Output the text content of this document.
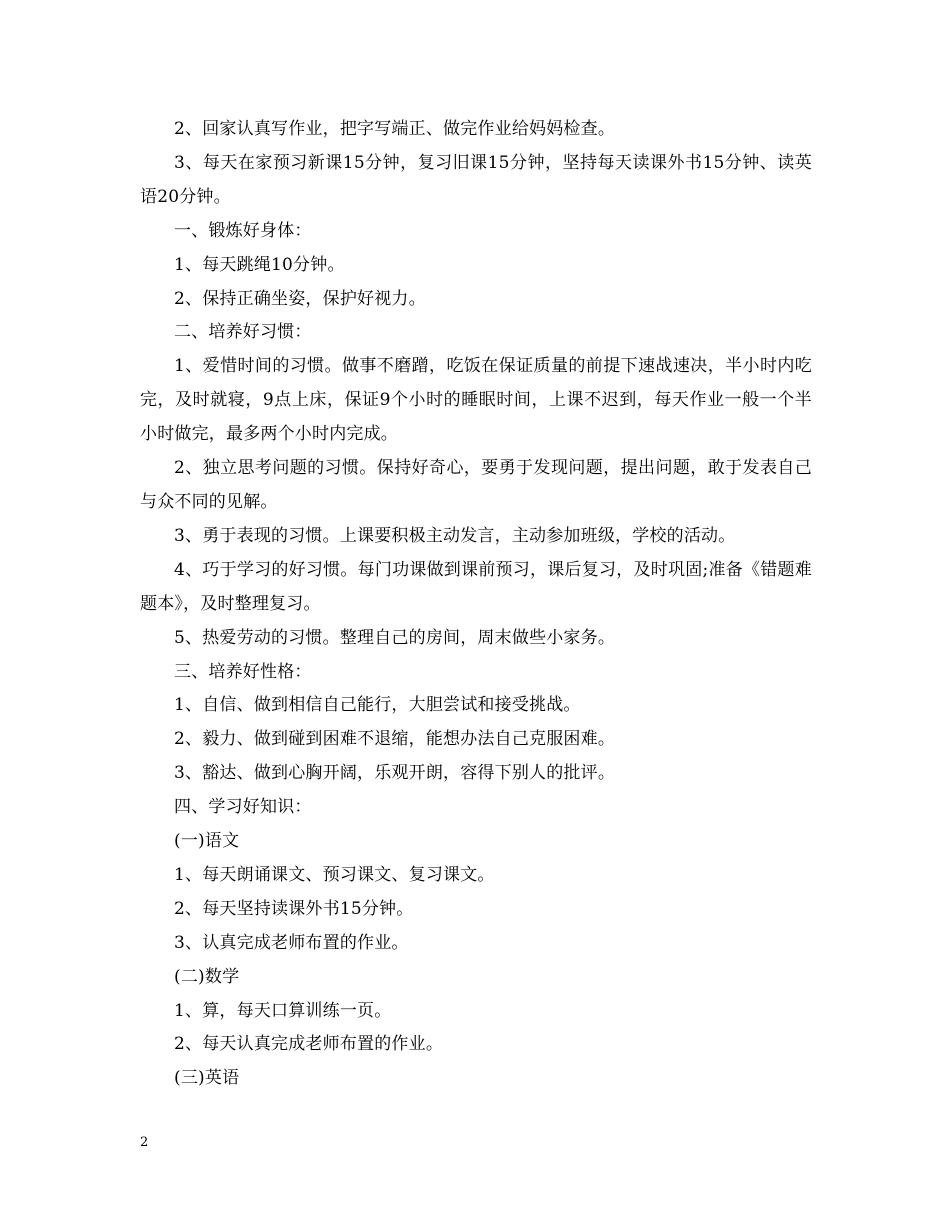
2、回家认真写作业，把字写端正、做完作业给妈妈检查。

3、每天在家预习新课15分钟，复习旧课15分钟，坚持每天读课外书15分钟、读英语20分钟。

一、锻炼好身体：

1、每天跳绳10分钟。

2、保持正确坐姿，保护好视力。

二、培养好习惯：

1、爱惜时间的习惯。做事不磨蹭，吃饭在保证质量的前提下速战速决，半小时内吃完，及时就寝，9点上床，保证9个小时的睡眠时间，上课不迟到，每天作业一般一个半小时做完，最多两个小时内完成。

2、独立思考问题的习惯。保持好奇心，要勇于发现问题，提出问题，敢于发表自己与众不同的见解。

3、勇于表现的习惯。上课要积极主动发言，主动参加班级，学校的活动。

4、巧于学习的好习惯。每门功课做到课前预习，课后复习，及时巩固;准备《错题难题本》，及时整理复习。

5、热爱劳动的习惯。整理自己的房间，周末做些小家务。

三、培养好性格：

1、自信、做到相信自己能行，大胆尝试和接受挑战。

2、毅力、做到碰到困难不退缩，能想办法自己克服困难。

3、豁达、做到心胸开阔，乐观开朗，容得下别人的批评。

四、学习好知识：

(一)语文

1、每天朗诵课文、预习课文、复习课文。

2、每天坚持读课外书15分钟。

3、认真完成老师布置的作业。

(二)数学

1、算，每天口算训练一页。

2、每天认真完成老师布置的作业。

(三)英语

2
